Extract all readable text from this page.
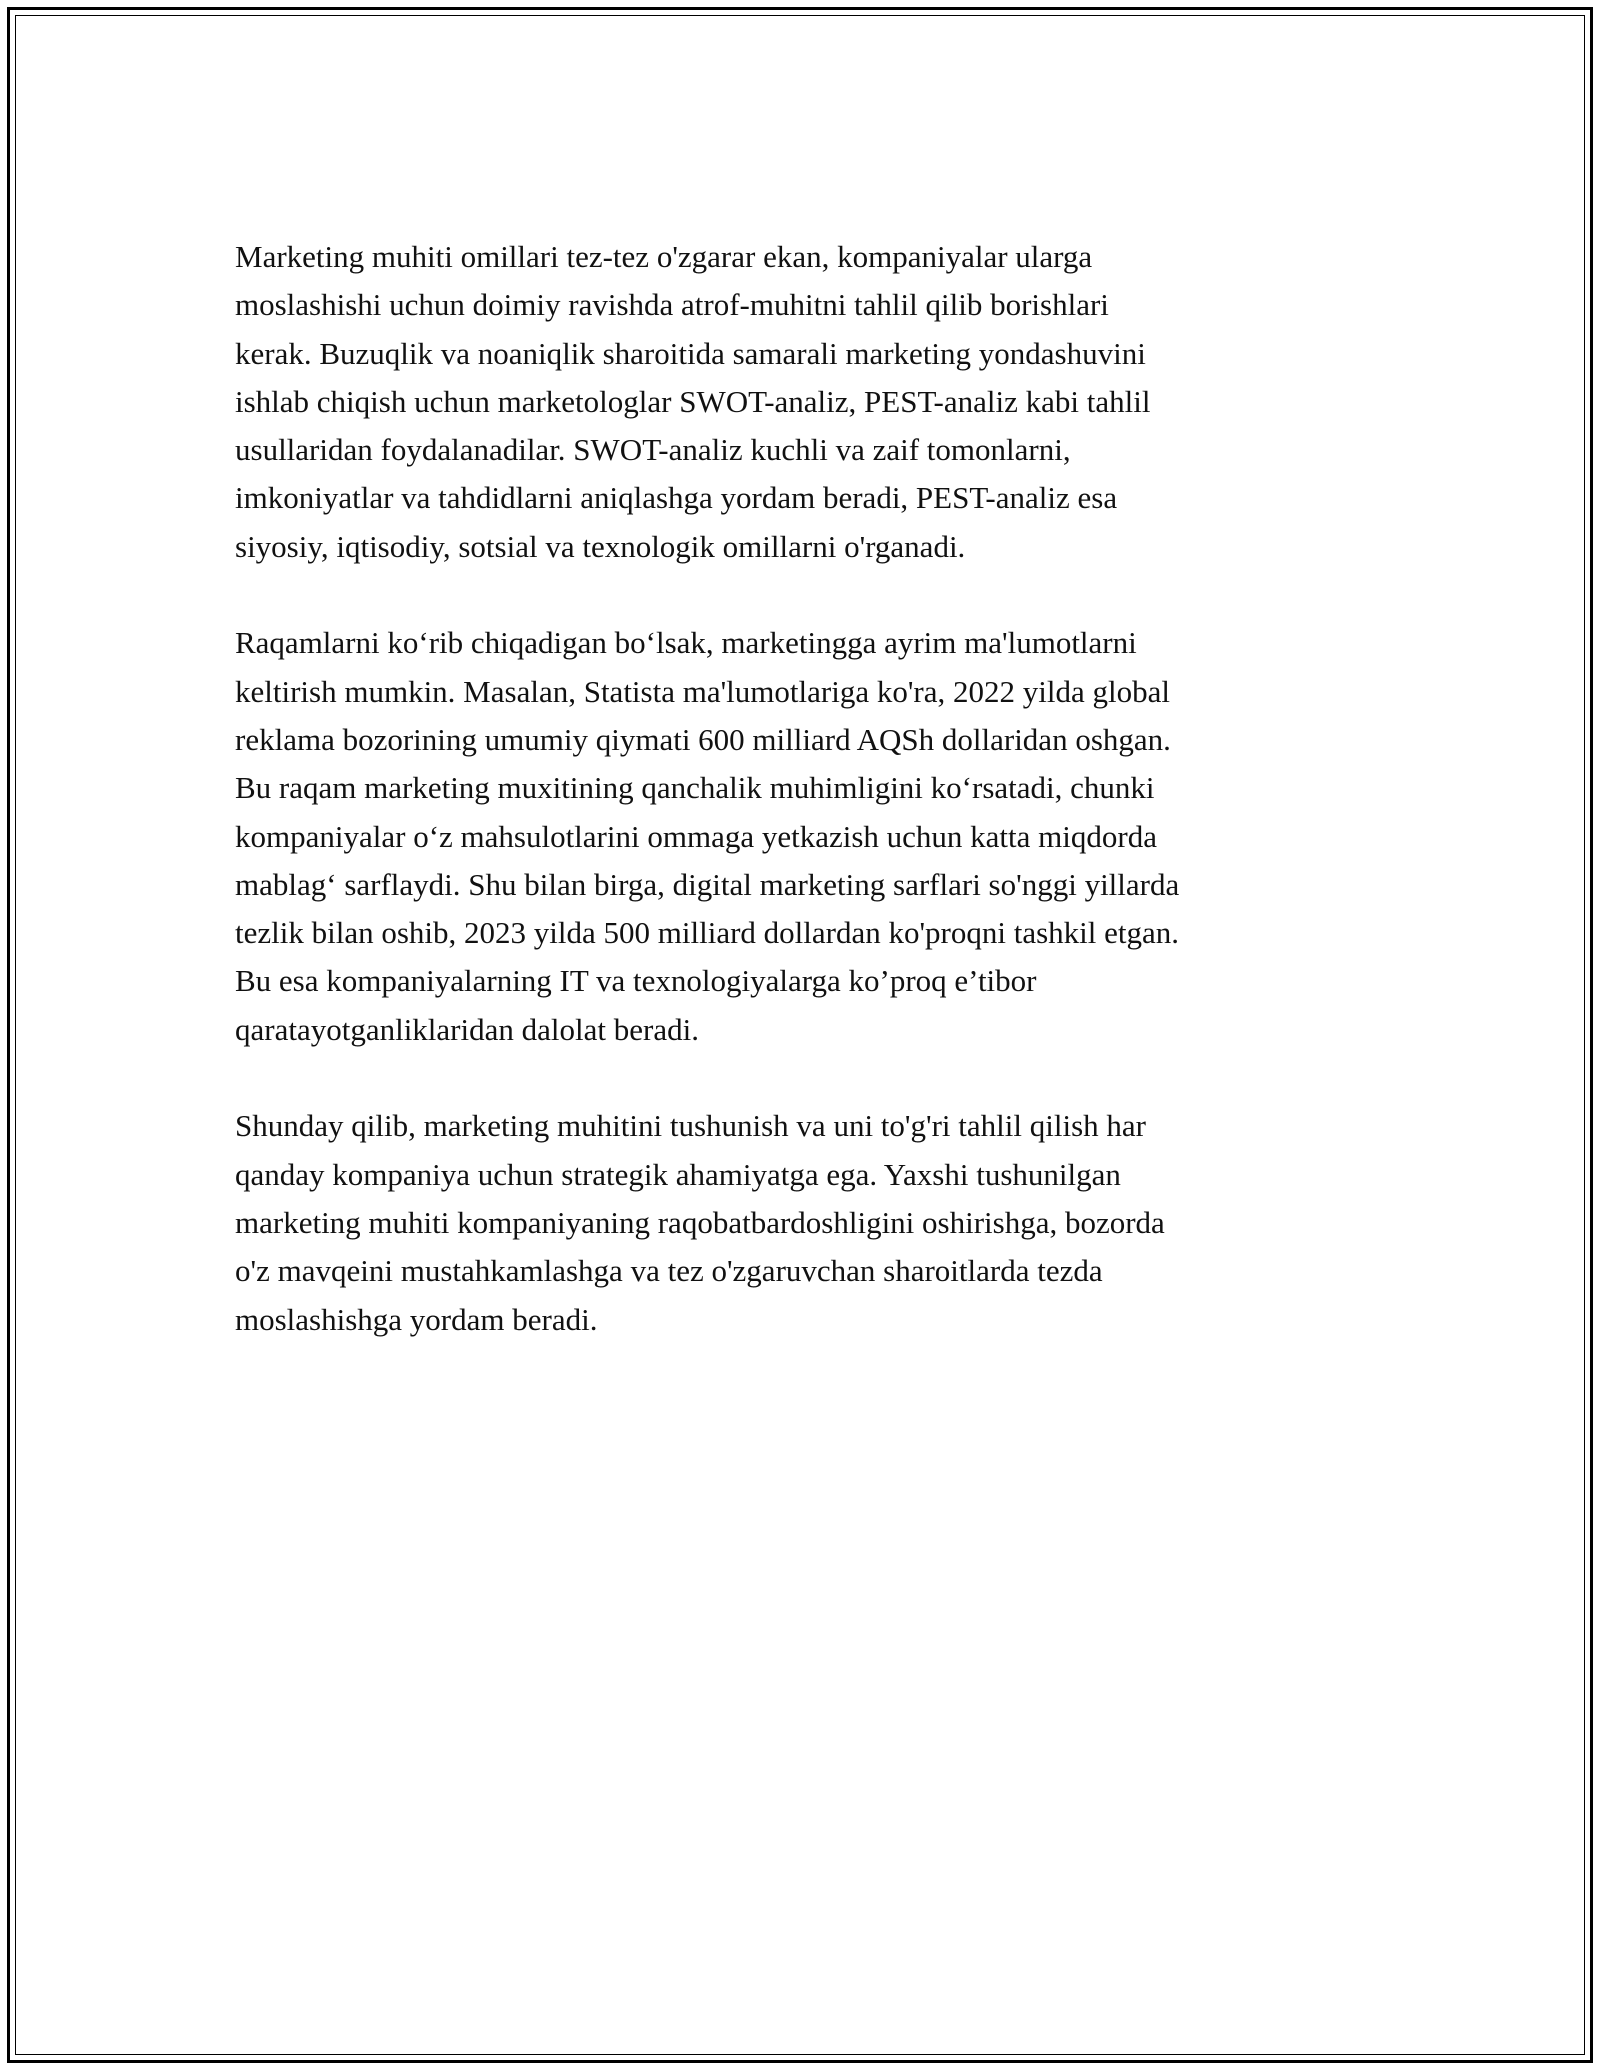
Marketing muhiti omillari tez-tez o'zgarar ekan, kompaniyalar ularga
moslashishi uchun doimiy ravishda atrof-muhitni tahlil qilib borishlari
kerak. Buzuqlik va noaniqlik sharoitida samarali marketing yondashuvini
ishlab chiqish uchun marketologlar SWOT-analiz, PEST-analiz kabi tahlil
usullaridan foydalanadilar. SWOT-analiz kuchli va zaif tomonlarni,
imkoniyatlar va tahdidlarni aniqlashga yordam beradi, PEST-analiz esa
siyosiy, iqtisodiy, sotsial va texnologik omillarni o'rganadi.

Raqamlarni ko‘rib chiqadigan bo‘lsak, marketingga ayrim ma'lumotlarni
keltirish mumkin. Masalan, Statista ma'lumotlariga ko'ra, 2022 yilda global
reklama bozorining umumiy qiymati 600 milliard AQSh dollaridan oshgan.
Bu raqam marketing muxitining qanchalik muhimligini ko‘rsatadi, chunki
kompaniyalar o‘z mahsulotlarini ommaga yetkazish uchun katta miqdorda
mablag‘ sarflaydi. Shu bilan birga, digital marketing sarflari so'nggi yillarda
tezlik bilan oshib, 2023 yilda 500 milliard dollardan ko'proqni tashkil etgan.
Bu esa kompaniyalarning IT va texnologiyalarga ko’proq e’tibor
qaratayotganliklaridan dalolat beradi.

Shunday qilib, marketing muhitini tushunish va uni to'g'ri tahlil qilish har
qanday kompaniya uchun strategik ahamiyatga ega. Yaxshi tushunilgan
marketing muhiti kompaniyaning raqobatbardoshligini oshirishga, bozorda
o'z mavqeini mustahkamlashga va tez o'zgaruvchan sharoitlarda tezda
moslashishga yordam beradi.
